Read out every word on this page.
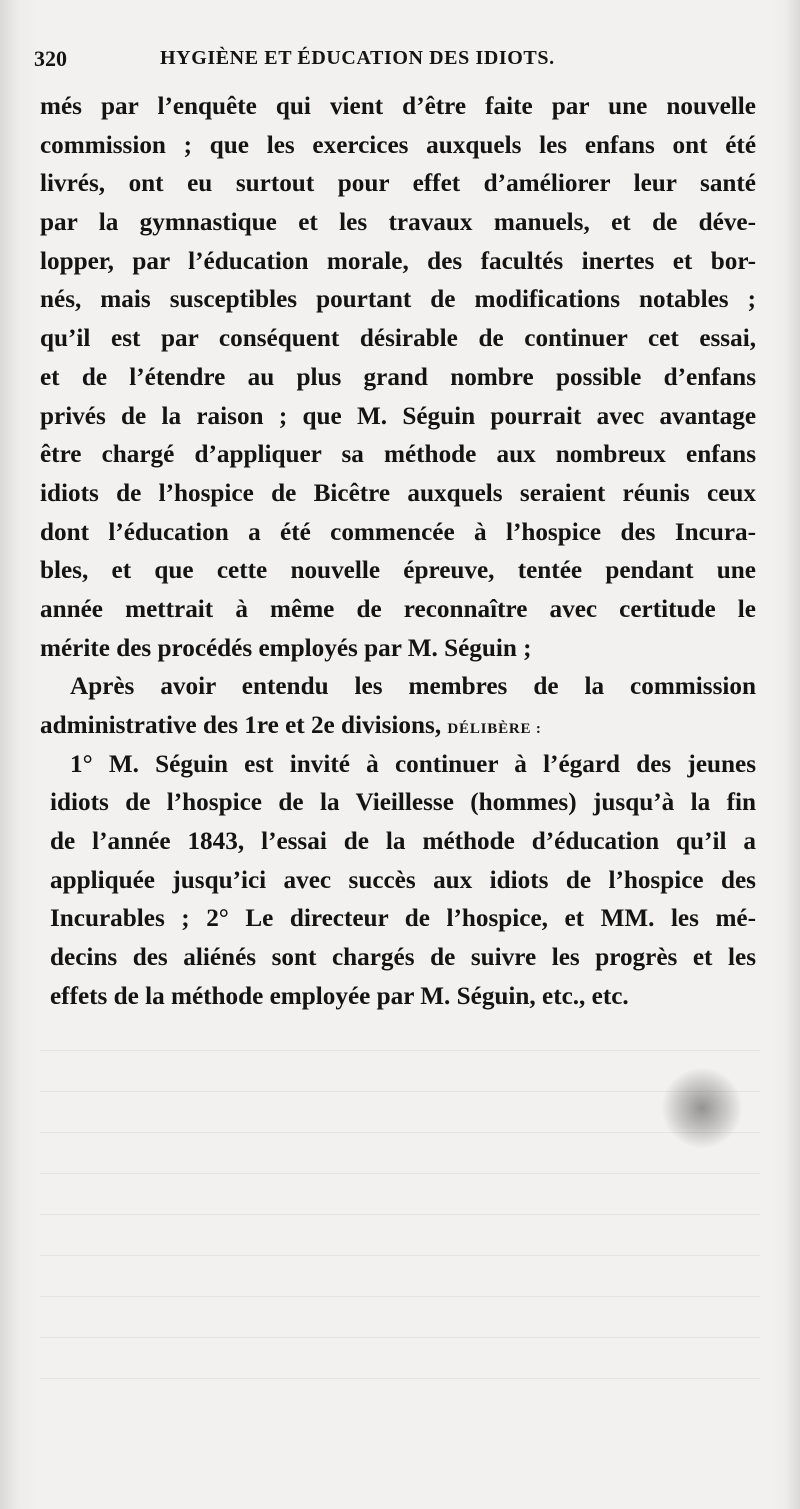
320	HYGIÈNE ET ÉDUCATION DES IDIOTS.
més par l’enquête qui vient d’être faite par une nouvelle
commission ; que les exercices auxquels les enfans ont été
livrés, ont eu surtout pour effet d’améliorer leur santé
par la gymnastique et les travaux manuels, et de déve-
lopper, par l’éducation morale, des facultés inertes et bor-
nés, mais susceptibles pourtant de modifications notables ;
qu’il est par conséquent désirable de continuer cet essai,
et de l’étendre au plus grand nombre possible d’enfans
privés de la raison ; que M. Séguin pourrait avec avantage
être chargé d’appliquer sa méthode aux nombreux enfans
idiots de l’hospice de Bicêtre auxquels seraient réunis ceux
dont l’éducation a été commencée à l’hospice des Incura-
bles, et que cette nouvelle épreuve, tentée pendant une
année mettrait à même de reconnaître avec certitude le
mérite des procédés employés par M. Séguin ;
Après avoir entendu les membres de la commission
administrative des 1re et 2e divisions, DÉLIBÈRE :
1° M. Séguin est invité à continuer à l’égard des jeunes
idiots de l’hospice de la Vieillesse (hommes) jusqu’à la fin
de l’année 1843, l’essai de la méthode d’éducation qu’il a
appliquée jusqu’ici avec succès aux idiots de l’hospice des
Incurables ; 2° Le directeur de l’hospice, et MM. les mé-
decins des aliénés sont chargés de suivre les progrès et les
effets de la méthode employée par M. Séguin, etc., etc.
